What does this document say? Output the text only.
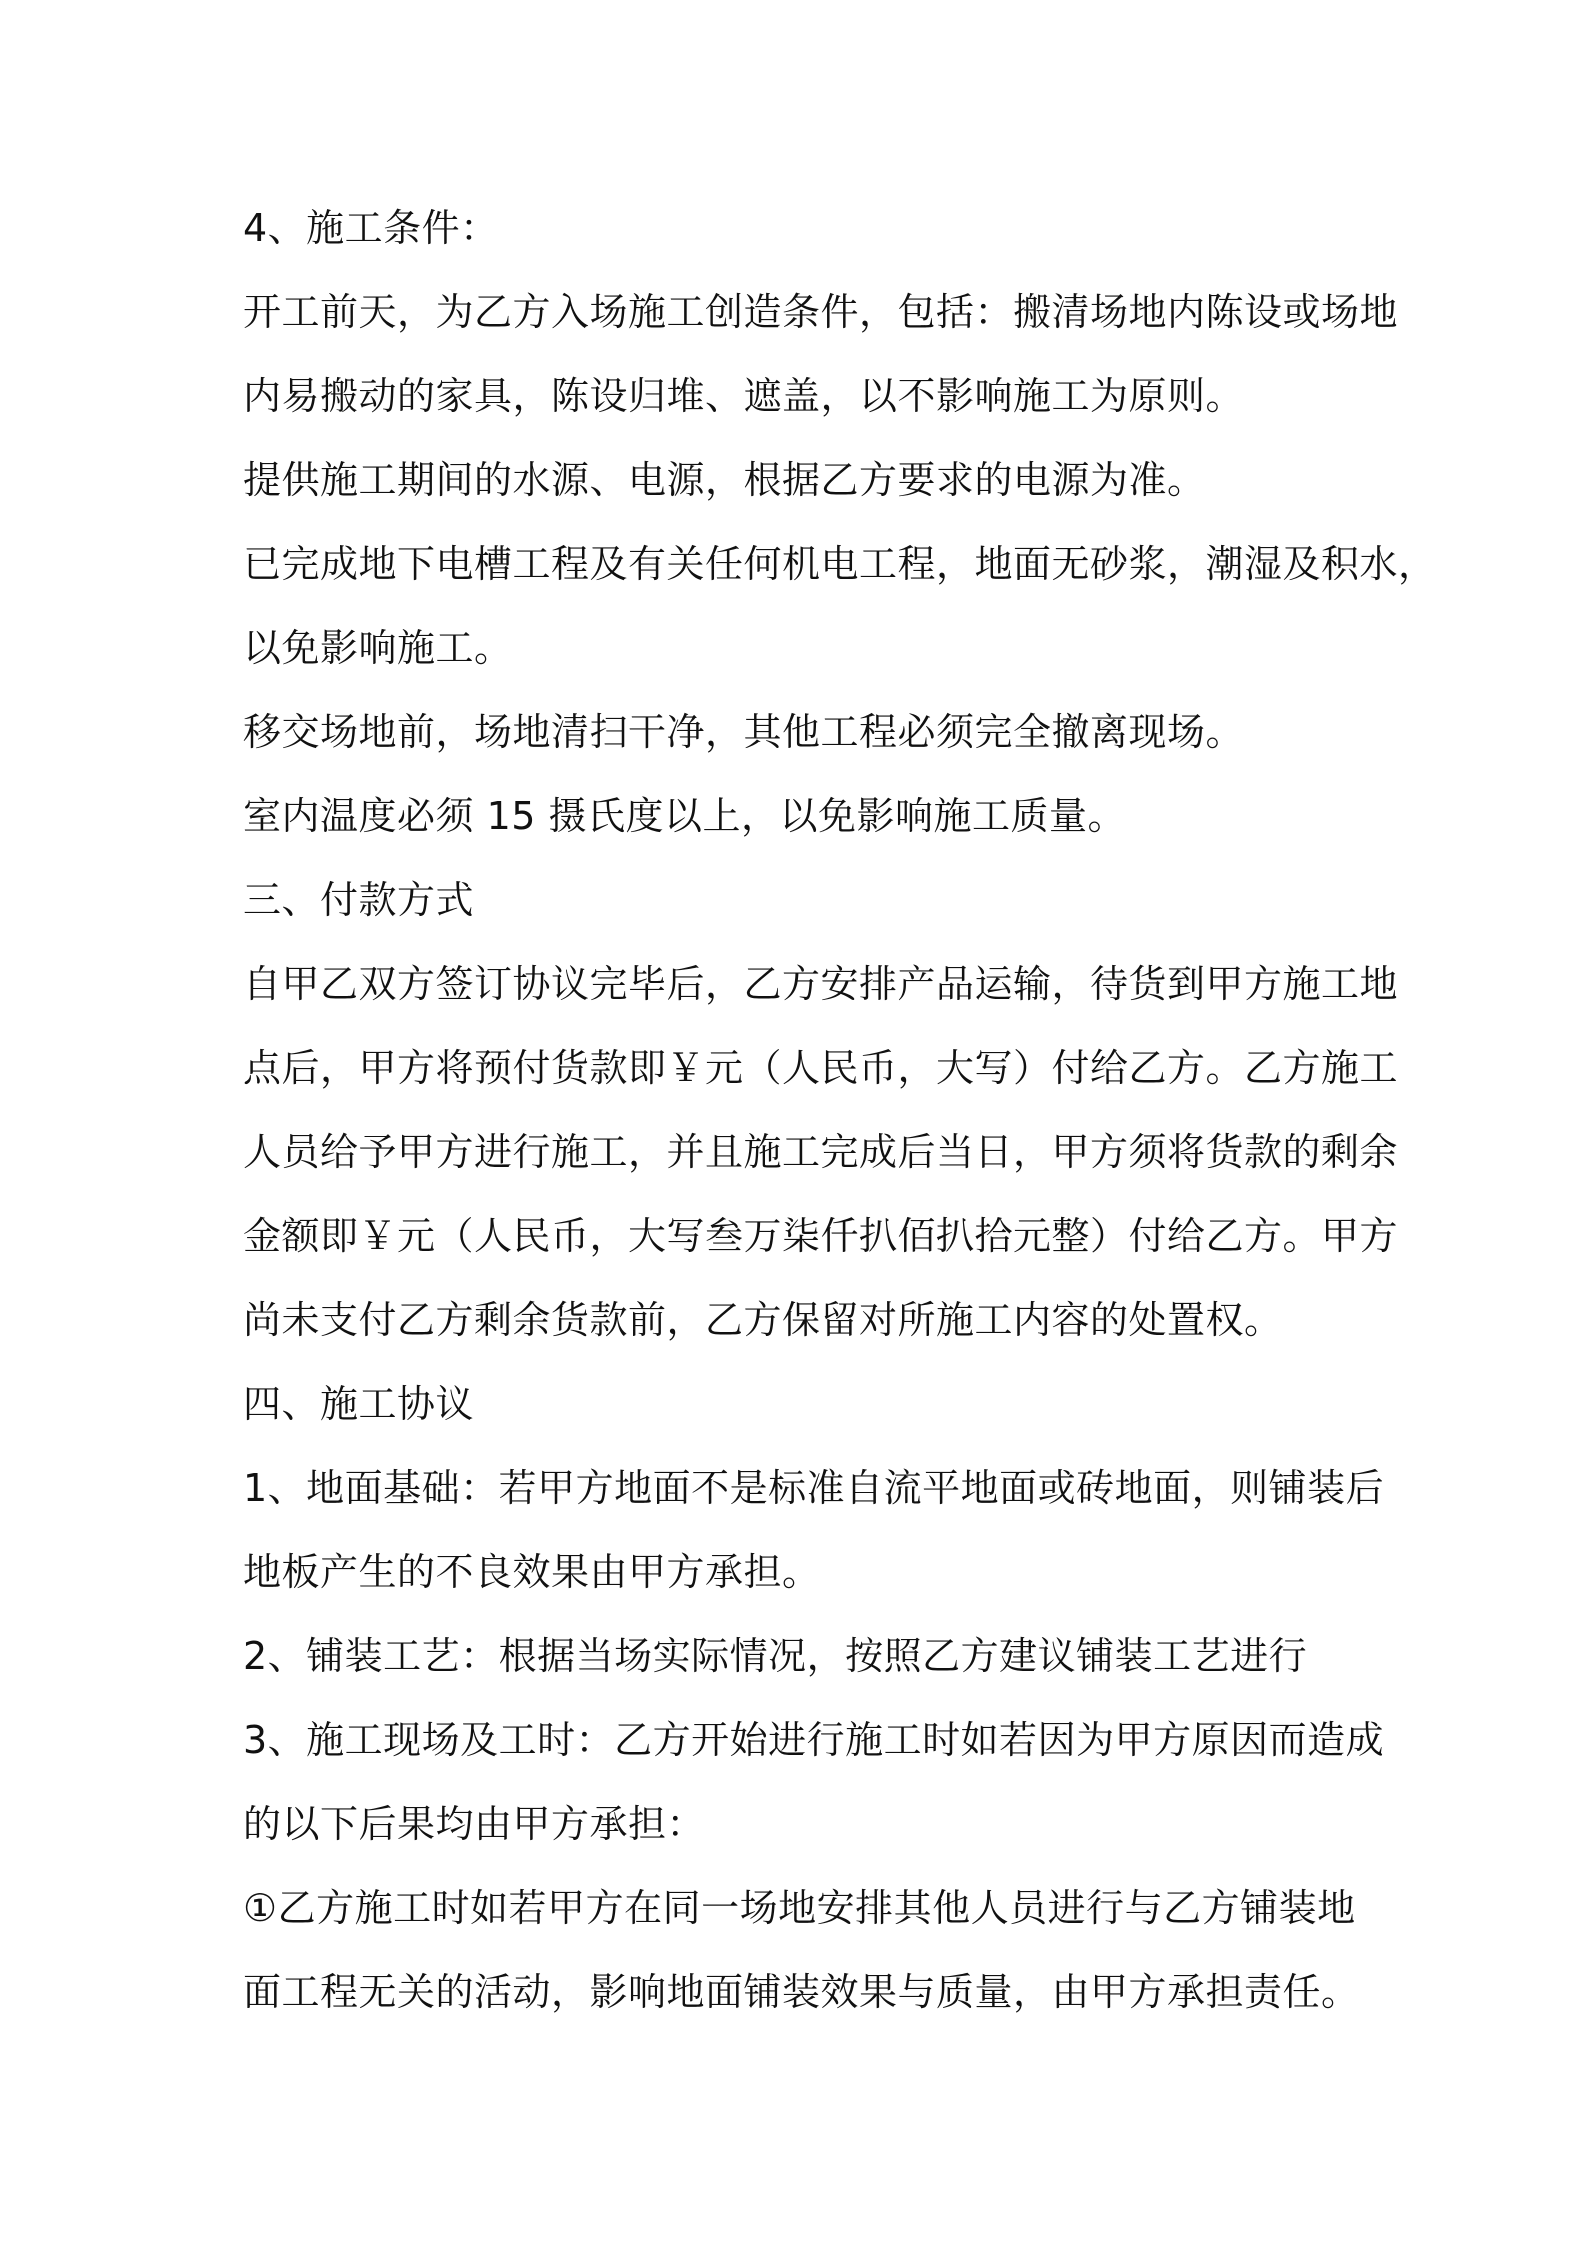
4、施工条件：

开工前天，为乙方入场施工创造条件，包括：搬清场地内陈设或场地

内易搬动的家具，陈设归堆、遮盖，以不影响施工为原则。

提供施工期间的水源、电源，根据乙方要求的电源为准。

已完成地下电槽工程及有关任何机电工程，地面无砂浆，潮湿及积水，

以免影响施工。

移交场地前，场地清扫干净，其他工程必须完全撤离现场。

室内温度必须 15 摄氏度以上，以免影响施工质量。

三、付款方式

自甲乙双方签订协议完毕后，乙方安排产品运输，待货到甲方施工地

点后，甲方将预付货款即￥元（人民币，大写）付给乙方。乙方施工

人员给予甲方进行施工，并且施工完成后当日，甲方须将货款的剩余

金额即￥元（人民币，大写叁万柒仟扒佰扒拾元整）付给乙方。甲方

尚未支付乙方剩余货款前，乙方保留对所施工内容的处置权。

四、施工协议

1、地面基础：若甲方地面不是标准自流平地面或砖地面，则铺装后

地板产生的不良效果由甲方承担。

2、铺装工艺：根据当场实际情况，按照乙方建议铺装工艺进行

3、施工现场及工时：乙方开始进行施工时如若因为甲方原因而造成

的以下后果均由甲方承担：

①乙方施工时如若甲方在同一场地安排其他人员进行与乙方铺装地

面工程无关的活动，影响地面铺装效果与质量，由甲方承担责任。
